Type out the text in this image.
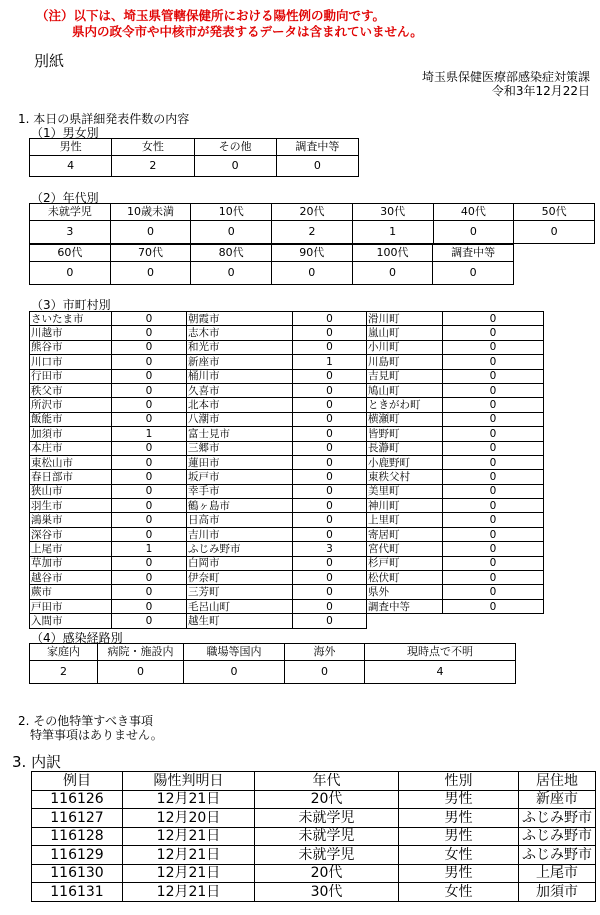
（注）以下は、埼玉県管轄保健所における陽性例の動向です。
県内の政令市や中核市が発表するデータは含まれていません。
別紙
埼玉県保健医療部感染症対策課
令和3年12月22日
1. 本日の県詳細発表件数の内容
（1）男女別
男性	女性	その他	調査中等
4	2	0	0
（2）年代別
未就学児	10歳未満	10代	20代	30代	40代	50代
3	0	0	2	1	0	0
60代	70代	80代	90代	100代	調査中等
0	0	0	0	0	0
（3）市町村別
さいたま市	0	朝霞市	0	滑川町	0
川越市	0	志木市	0	嵐山町	0
熊谷市	0	和光市	0	小川町	0
川口市	0	新座市	1	川島町	0
行田市	0	桶川市	0	吉見町	0
秩父市	0	久喜市	0	鳩山町	0
所沢市	0	北本市	0	ときがわ町	0
飯能市	0	八潮市	0	横瀬町	0
加須市	1	富士見市	0	皆野町	0
本庄市	0	三郷市	0	長瀞町	0
東松山市	0	蓮田市	0	小鹿野町	0
春日部市	0	坂戸市	0	東秩父村	0
狭山市	0	幸手市	0	美里町	0
羽生市	0	鶴ヶ島市	0	神川町	0
鴻巣市	0	日高市	0	上里町	0
深谷市	0	吉川市	0	寄居町	0
上尾市	1	ふじみ野市	3	宮代町	0
草加市	0	白岡市	0	杉戸町	0
越谷市	0	伊奈町	0	松伏町	0
蕨市	0	三芳町	0	県外	0
戸田市	0	毛呂山町	0	調査中等	0
入間市	0	越生町	0		
（4）感染経路別
家庭内	病院・施設内	職場等国内	海外	現時点で不明
2	0	0	0	4
2. その他特筆すべき事項
特筆事項はありません。
3. 内訳
例目	陽性判明日	年代	性別	居住地
116126	12月21日	20代	男性	新座市
116127	12月20日	未就学児	男性	ふじみ野市
116128	12月21日	未就学児	男性	ふじみ野市
116129	12月21日	未就学児	女性	ふじみ野市
116130	12月21日	20代	男性	上尾市
116131	12月21日	30代	女性	加須市
